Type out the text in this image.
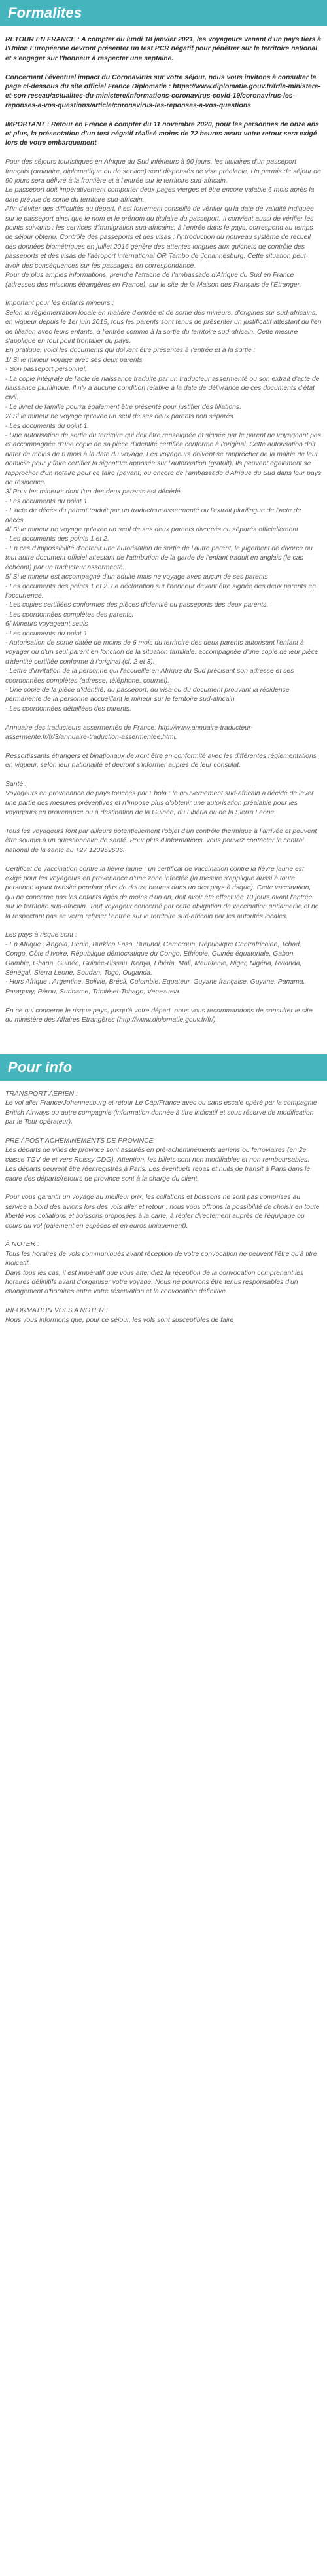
Formalites

RETOUR EN FRANCE : A compter du lundi 18 janvier 2021, les voyageurs venant d'un pays tiers à l'Union Européenne devront présenter un test PCR négatif pour pénétrer sur le territoire national et s'engager sur l'honneur à respecter une septaine.

Concernant l'éventuel impact du Coronavirus sur votre séjour, nous vous invitons à consulter la page ci-dessous du site officiel France Diplomatie : https://www.diplomatie.gouv.fr/fr/le-ministere-et-son-reseau/actualites-du-ministere/informations-coronavirus-covid-19/coronavirus-les-reponses-a-vos-questions/article/coronavirus-les-reponses-a-vos-questions

IMPORTANT : Retour en France à compter du 11 novembre 2020, pour les personnes de onze ans et plus, la présentation d'un test négatif réalisé moins de 72 heures avant votre retour sera exigé lors de votre embarquement

Pour des séjours touristiques en Afrique du Sud inférieurs à 90 jours, les titulaires d'un passeport français (ordinaire, diplomatique ou de service) sont dispensés de visa préalable. Un permis de séjour de 90 jours sera délivré à la frontière et à l'entrée sur le territoire sud-africain.

Le passeport doit impérativement comporter deux pages vierges et être encore valable 6 mois après la date prévue de sortie du territoire sud-africain.

Afin d'éviter des difficultés au départ, il est fortement conseillé de vérifier qu'la date de validité indiquée sur le passeport ainsi que le nom et le prénom du titulaire du passeport. Il convient aussi de vérifier les points suivants : les services d'immigration sud-africains, à l'entrée dans le pays, correspond au temps de séjour obtenu. Contrôle des passeports et des visas : l'introduction du nouveau système de recueil des données biométriques en juillet 2016 génère des attentes longues aux guichets de contrôle des passeports et des visas de l'aéroport international OR Tambo de Johannesburg. Cette situation peut avoir des conséquences sur les passagers en correspondance.

Pour de plus amples informations, prendre l'attache de l'ambassade d'Afrique du Sud en France (adresses des missions étrangères en France), sur le site de la Maison des Français de l'Etranger.

Important pour les enfants mineurs :

Selon la réglementation locale en matière d'entrée et de sortie des mineurs, d'origines sur sud-africains, en vigueur depuis le 1er juin 2015, tous les parents sont tenus de présenter un justificatif attestant du lien de filiation avec leurs enfants, à l'entrée comme à la sortie du territoire sud-africain. Cette mesure s'applique en tout point frontalier du pays.

En pratique, voici les documents qui doivent être présentés à l'entrée et à la sortie :

1/ Si le mineur voyage avec ses deux parents
- Son passeport personnel.
- La copie intégrale de l'acte de naissance traduite par un traducteur assermenté ou son extrait d'acte de naissance plurilingue. Il n'y a aucune condition relative à la date de délivrance de ces documents d'état civil.
- Le livret de famille pourra également être présenté pour justifier des filiations.
2/ Si le mineur ne voyage qu'avec un seul de ses deux parents non séparés
- Les documents du point 1.
- Une autorisation de sortie du territoire qui doit être renseignée et signée par le parent ne voyageant pas et accompagnée d'une copie de sa pièce d'identité certifiée conforme à l'original. Cette autorisation doit dater de moins de 6 mois à la date du voyage. Les voyageurs doivent se rapprocher de la mairie de leur domicile pour y faire certifier la signature apposée sur l'autorisation (gratuit). Ils peuvent également se rapprocher d'un notaire pour ce faire (payant) ou encore de l'ambassade d'Afrique du Sud dans leur pays de résidence.
3/ Pour les mineurs dont l'un des deux parents est décédé
- Les documents du point 1.
- L'acte de décès du parent traduit par un traducteur assermenté ou l'extrait plurilingue de l'acte de décès.
4/ Si le mineur ne voyage qu'avec un seul de ses deux parents divorcés ou séparés officiellement
- Les documents des points 1 et 2.
- En cas d'impossibilité d'obtenir une autorisation de sortie de l'autre parent, le jugement de divorce ou tout autre document officiel attestant de l'attribution de la garde de l'enfant traduit en anglais (le cas échéant) par un traducteur assermenté.
5/ Si le mineur est accompagné d'un adulte mais ne voyage avec aucun de ses parents
- Les documents des points 1 et 2. La déclaration sur l'honneur devant être signée des deux parents en l'occurrence.
- Les copies certifiées conformes des pièces d'identité ou passeports des deux parents.
- Les coordonnées complètes des parents.
6/ Mineurs voyageant seuls
- Les documents du point 1.
- Autorisation de sortie datée de moins de 6 mois du territoire des deux parents autorisant l'enfant à voyager ou d'un seul parent en fonction de la situation familiale, accompagnée d'une copie de leur pièce d'identité certifiée conforme à l'original (cf. 2 et 3).
- Lettre d'invitation de la personne qui l'accueille en Afrique du Sud précisant son adresse et ses coordonnées complètes (adresse, téléphone, courriel).
- Une copie de la pièce d'identité, du passeport, du visa ou du document prouvant la résidence permanente de la personne accueillant le mineur sur le territoire sud-africain.
- Les coordonnées détaillées des parents.

Annuaire des traducteurs assermentés de France: http://www.annuaire-traducteur-assermente.fr/fr/3/annuaire-traduction-assermentee.html.

Ressortissants étrangers et binationaux devront être en conformité avec les différentes réglementations en vigueur, selon leur nationalité et devront s'informer auprès de leur consulat.

Santé :

Voyageurs en provenance de pays touchés par Ebola : le gouvernement sud-africain a décidé de lever une partie des mesures préventives et n'impose plus d'obtenir une autorisation préalable pour les voyageurs en provenance ou à destination de la Guinée, du Libéria ou de la Sierra Leone.

Tous les voyageurs font par ailleurs potentiellement l'objet d'un contrôle thermique à l'arrivée et peuvent être soumis à un questionnaire de santé. Pour plus d'informations, vous pouvez contacter le central national de la santé au +27 123959636.

Certificat de vaccination contre la fièvre jaune : un certificat de vaccination contre la fièvre jaune est exigé pour les voyageurs en provenance d'une zone infectée (la mesure s'applique aussi à toute personne ayant transité pendant plus de douze heures dans un des pays à risque). Cette vaccination, qui ne concerne pas les enfants âgés de moins d'un an, doit avoir été effectuée 10 jours avant l'entrée sur le territoire sud-africain. Tout voyageur concerné par cette obligation de vaccination antiamarile et ne la respectant pas se verra refuser l'entrée sur le territoire sud-africain par les autorités locales.

Les pays à risque sont :

- En Afrique : Angola, Bénin, Burkina Faso, Burundi, Cameroun, République Centrafricaine, Tchad, Congo, Côte d'Ivoire, République démocratique du Congo, Ethiopie, Guinée équatoriale, Gabon, Gambie, Ghana, Guinée, Guinée-Bissau, Kenya, Libéria, Mali, Mauritanie, Niger, Nigéria, Rwanda, Sénégal, Sierra Leone, Soudan, Togo, Ouganda.

- Hors Afrique : Argentine, Bolivie, Brésil, Colombie, Equateur, Guyane française, Guyane, Panama, Paraguay, Pérou, Suriname, Trinité-et-Tobago, Venezuela.

En ce qui concerne le risque pays, jusqu'à votre départ, nous vous recommandons de consulter le site du ministère des Affaires Etrangères (http://www.diplomatie.gouv.fr/fr/).

Pour info

TRANSPORT AÉRIEN :

Le vol aller France/Johannesburg et retour Le Cap/France avec ou sans escale opéré par la compagnie British Airways ou autre compagnie (information donnée à titre indicatif et sous réserve de modification par le Tour opérateur).

PRE / POST ACHEMINEMENTS DE PROVINCE

Les départs de villes de province sont assurés en pré-acheminements aériens ou ferroviaires (en 2e classe TGV de et vers Roissy CDG). Attention, les billets sont non modifiables et non remboursables. Les départs peuvent être réenregistrés à Paris. Les éventuels repas et nuits de transit à Paris dans le cadre des départs/retours de province sont à la charge du client.

Pour vous garantir un voyage au meilleur prix, les collations et boissons ne sont pas comprises au service à bord des avions lors des vols aller et retour ; nous vous offrons la possibilité de choisir en toute liberté vos collations et boissons proposées à la carte, à régler directement auprès de l'équipage ou cours du vol (paiement en espèces et en euros uniquement).

À NOTER :

Tous les horaires de vols communiqués avant réception de votre convocation ne peuvent l'être qu'à titre indicatif.

Dans tous les cas, il est impératif que vous attendiez la réception de la convocation comprenant les horaires définitifs avant d'organiser votre voyage. Nous ne pourrons être tenus responsables d'un changement d'horaires entre votre réservation et la convocation définitive.

INFORMATION VOLS A NOTER :

Nous vous informons que, pour ce séjour, les vols sont susceptibles de faire
